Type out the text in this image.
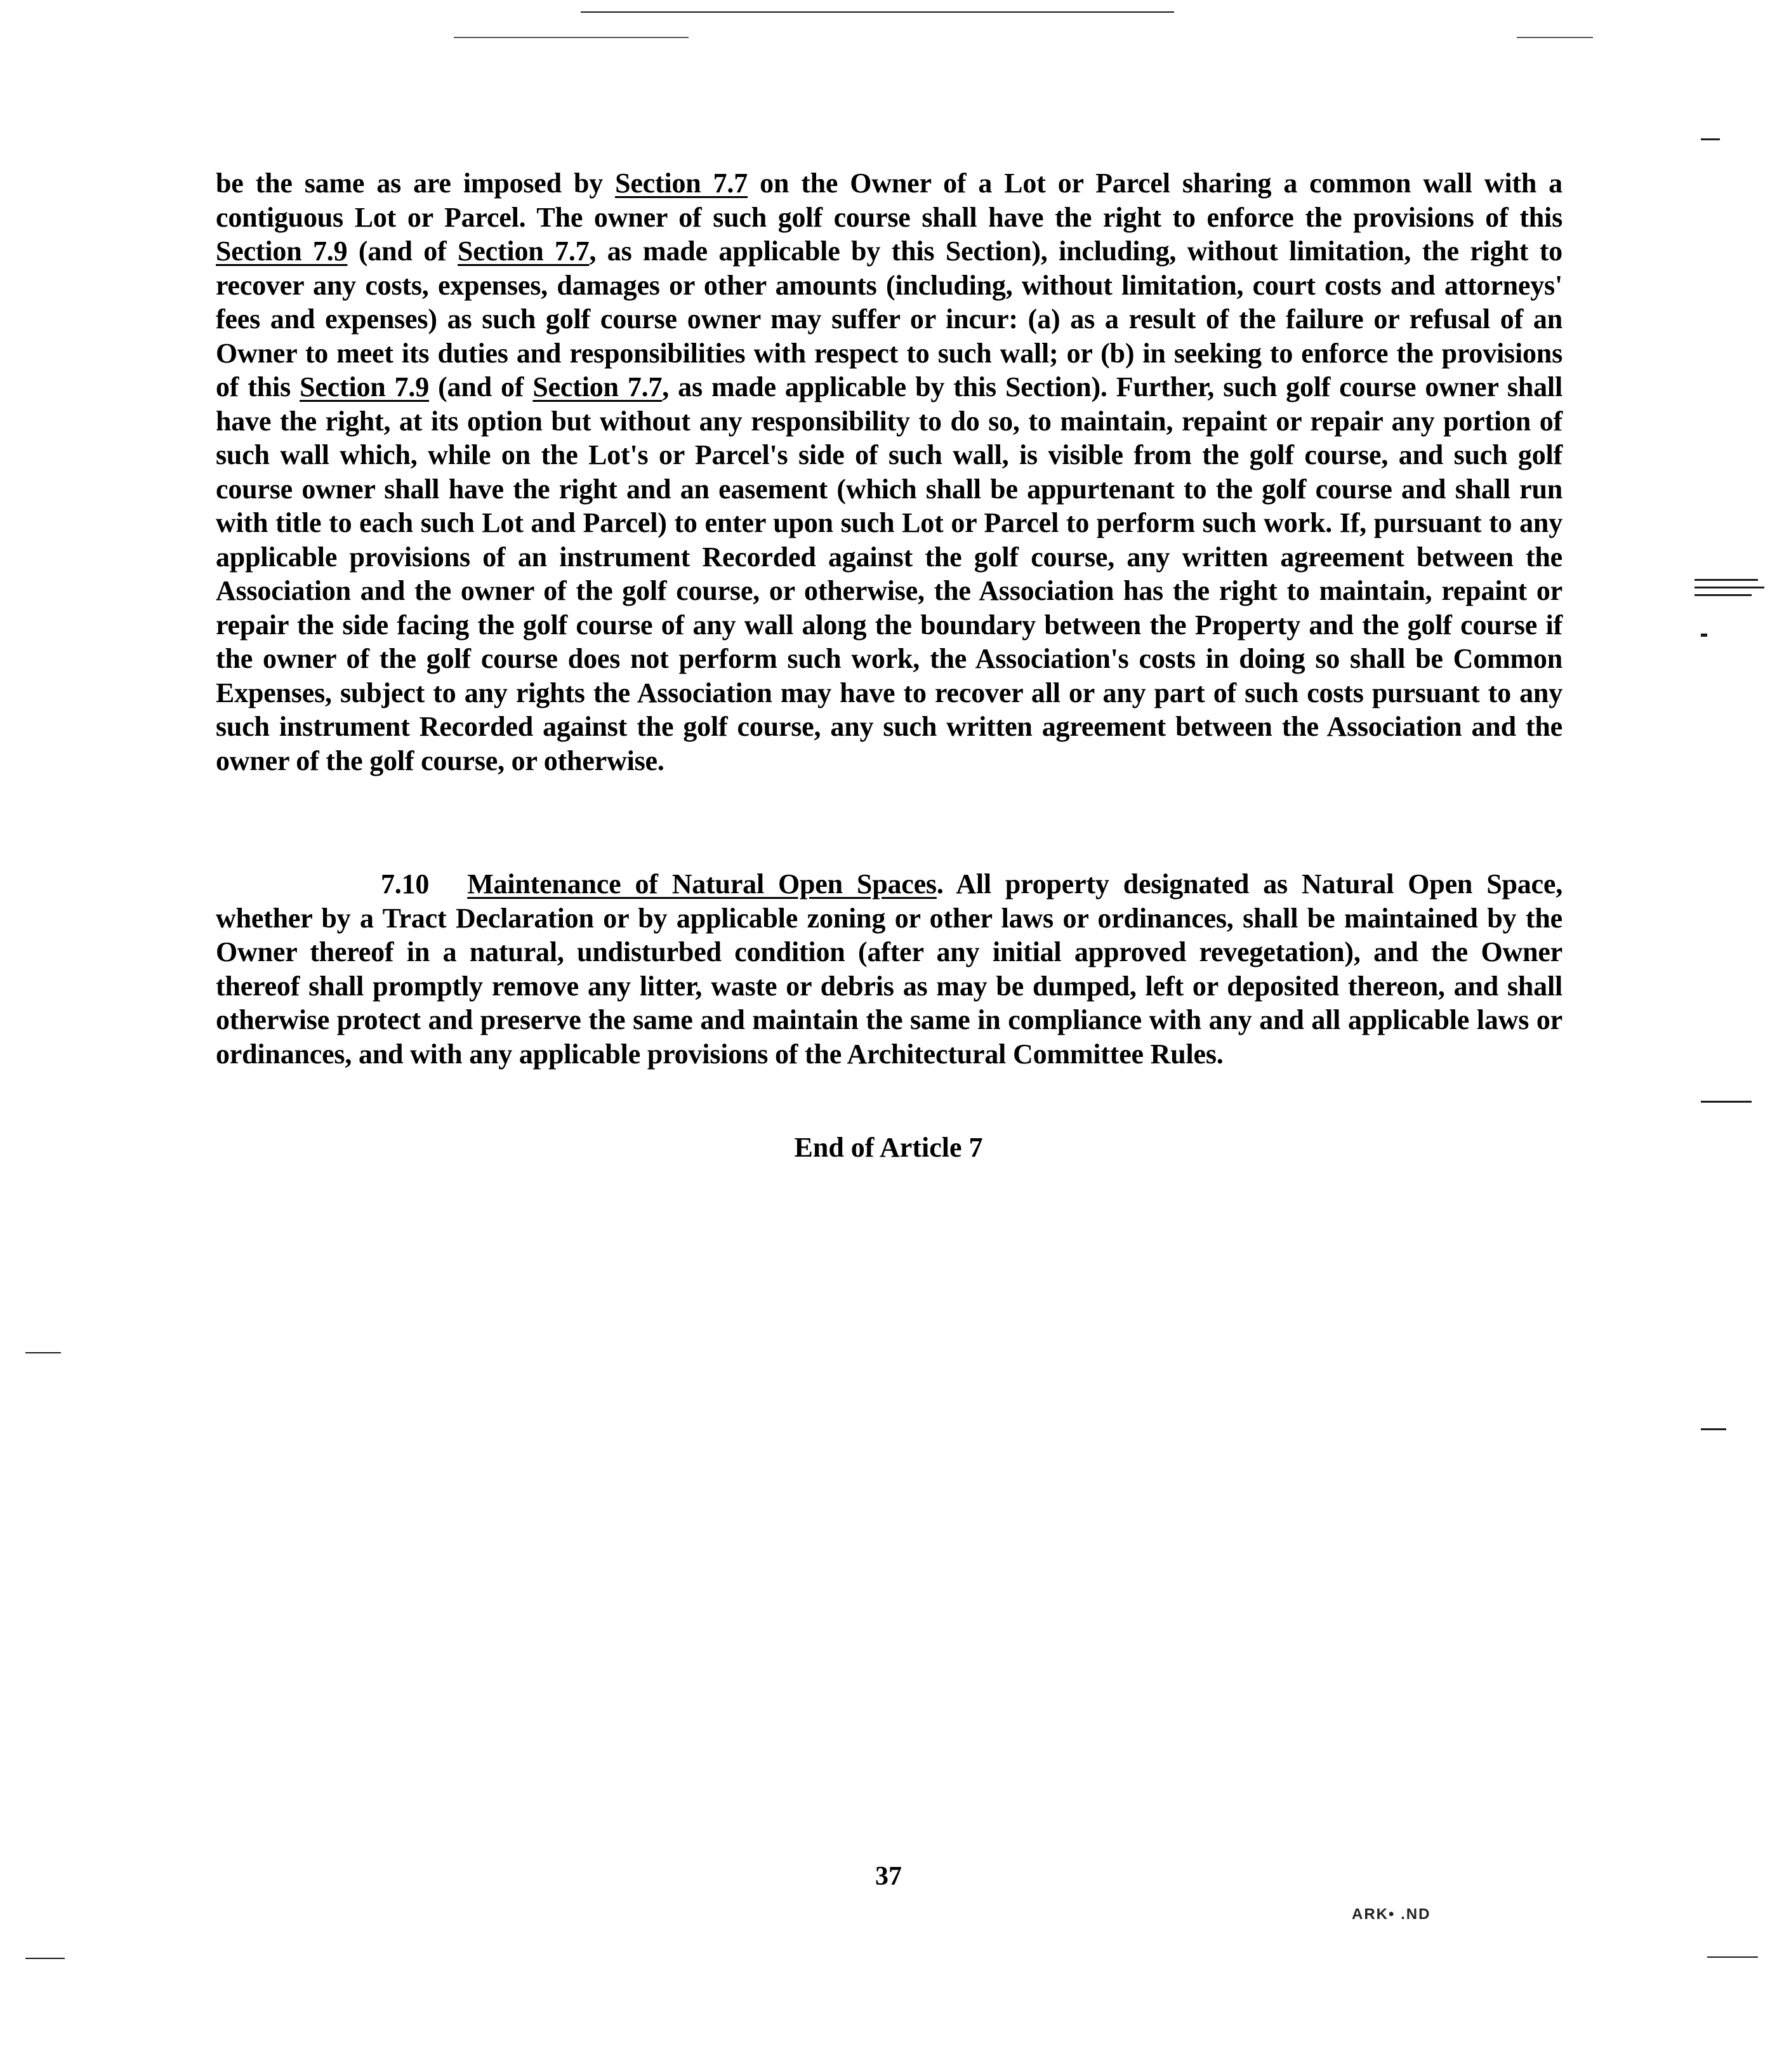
be the same as are imposed by Section 7.7 on the Owner of a Lot or Parcel sharing a common wall with a contiguous Lot or Parcel. The owner of such golf course shall have the right to enforce the provisions of this Section 7.9 (and of Section 7.7, as made applicable by this Section), including, without limitation, the right to recover any costs, expenses, damages or other amounts (including, without limitation, court costs and attorneys' fees and expenses) as such golf course owner may suffer or incur: (a) as a result of the failure or refusal of an Owner to meet its duties and responsibilities with respect to such wall; or (b) in seeking to enforce the provisions of this Section 7.9 (and of Section 7.7, as made applicable by this Section). Further, such golf course owner shall have the right, at its option but without any responsibility to do so, to maintain, repaint or repair any portion of such wall which, while on the Lot's or Parcel's side of such wall, is visible from the golf course, and such golf course owner shall have the right and an easement (which shall be appurtenant to the golf course and shall run with title to each such Lot and Parcel) to enter upon such Lot or Parcel to perform such work. If, pursuant to any applicable provisions of an instrument Recorded against the golf course, any written agreement between the Association and the owner of the golf course, or otherwise, the Association has the right to maintain, repaint or repair the side facing the golf course of any wall along the boundary between the Property and the golf course if the owner of the golf course does not perform such work, the Association's costs in doing so shall be Common Expenses, subject to any rights the Association may have to recover all or any part of such costs pursuant to any such instrument Recorded against the golf course, any such written agreement between the Association and the owner of the golf course, or otherwise.
7.10 Maintenance of Natural Open Spaces. All property designated as Natural Open Space, whether by a Tract Declaration or by applicable zoning or other laws or ordinances, shall be maintained by the Owner thereof in a natural, undisturbed condition (after any initial approved revegetation), and the Owner thereof shall promptly remove any litter, waste or debris as may be dumped, left or deposited thereon, and shall otherwise protect and preserve the same and maintain the same in compliance with any and all applicable laws or ordinances, and with any applicable provisions of the Architectural Committee Rules.
End of Article 7
37
ARK• .ND
